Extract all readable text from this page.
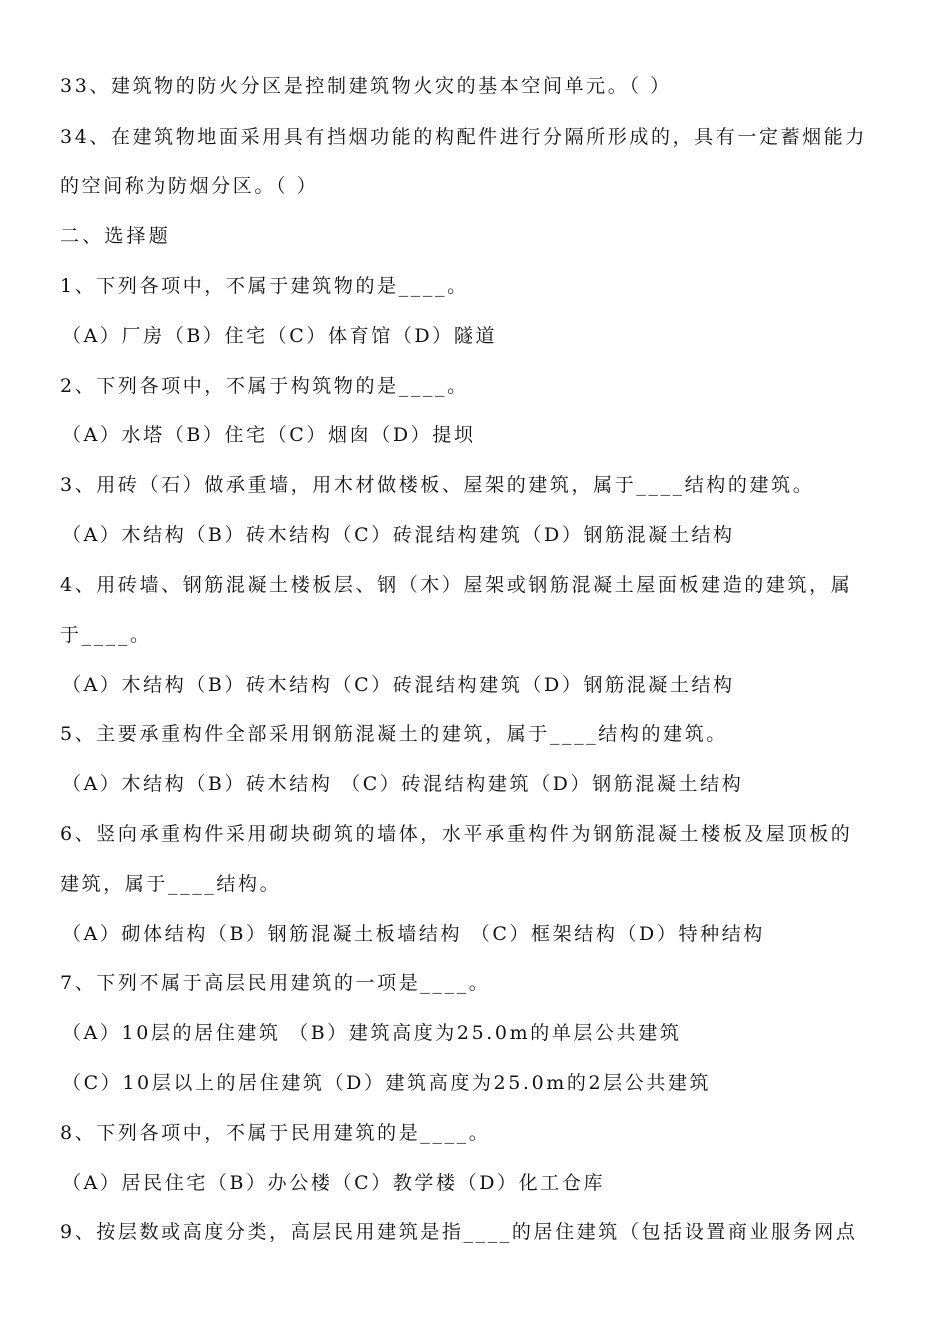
33、建筑物的防火分区是控制建筑物火灾的基本空间单元。（ ）
34、在建筑物地面采用具有挡烟功能的构配件进行分隔所形成的，具有一定蓄烟能力
的空间称为防烟分区。（ ）
二、选择题
1、下列各项中，不属于建筑物的是____。
（A）厂房（B）住宅（C）体育馆（D）隧道
2、下列各项中，不属于构筑物的是____。
（A）水塔（B）住宅（C）烟囱（D）提坝
3、用砖（石）做承重墙，用木材做楼板、屋架的建筑，属于____结构的建筑。
（A）木结构（B）砖木结构（C）砖混结构建筑（D）钢筋混凝土结构
4、用砖墙、钢筋混凝土楼板层、钢（木）屋架或钢筋混凝土屋面板建造的建筑，属
于____。
（A）木结构（B）砖木结构（C）砖混结构建筑（D）钢筋混凝土结构
5、主要承重构件全部采用钢筋混凝土的建筑，属于____结构的建筑。
（A）木结构（B）砖木结构 （C）砖混结构建筑（D）钢筋混凝土结构
6、竖向承重构件采用砌块砌筑的墙体，水平承重构件为钢筋混凝土楼板及屋顶板的
建筑，属于____结构。
（A）砌体结构（B）钢筋混凝土板墙结构 （C）框架结构（D）特种结构
7、下列不属于高层民用建筑的一项是____。
（A）10层的居住建筑 （B）建筑高度为25.0m的单层公共建筑
（C）10层以上的居住建筑（D）建筑高度为25.0m的2层公共建筑
8、下列各项中，不属于民用建筑的是____。
（A）居民住宅（B）办公楼（C）教学楼（D）化工仓库
9、按层数或高度分类，高层民用建筑是指____的居住建筑（包括设置商业服务网点
